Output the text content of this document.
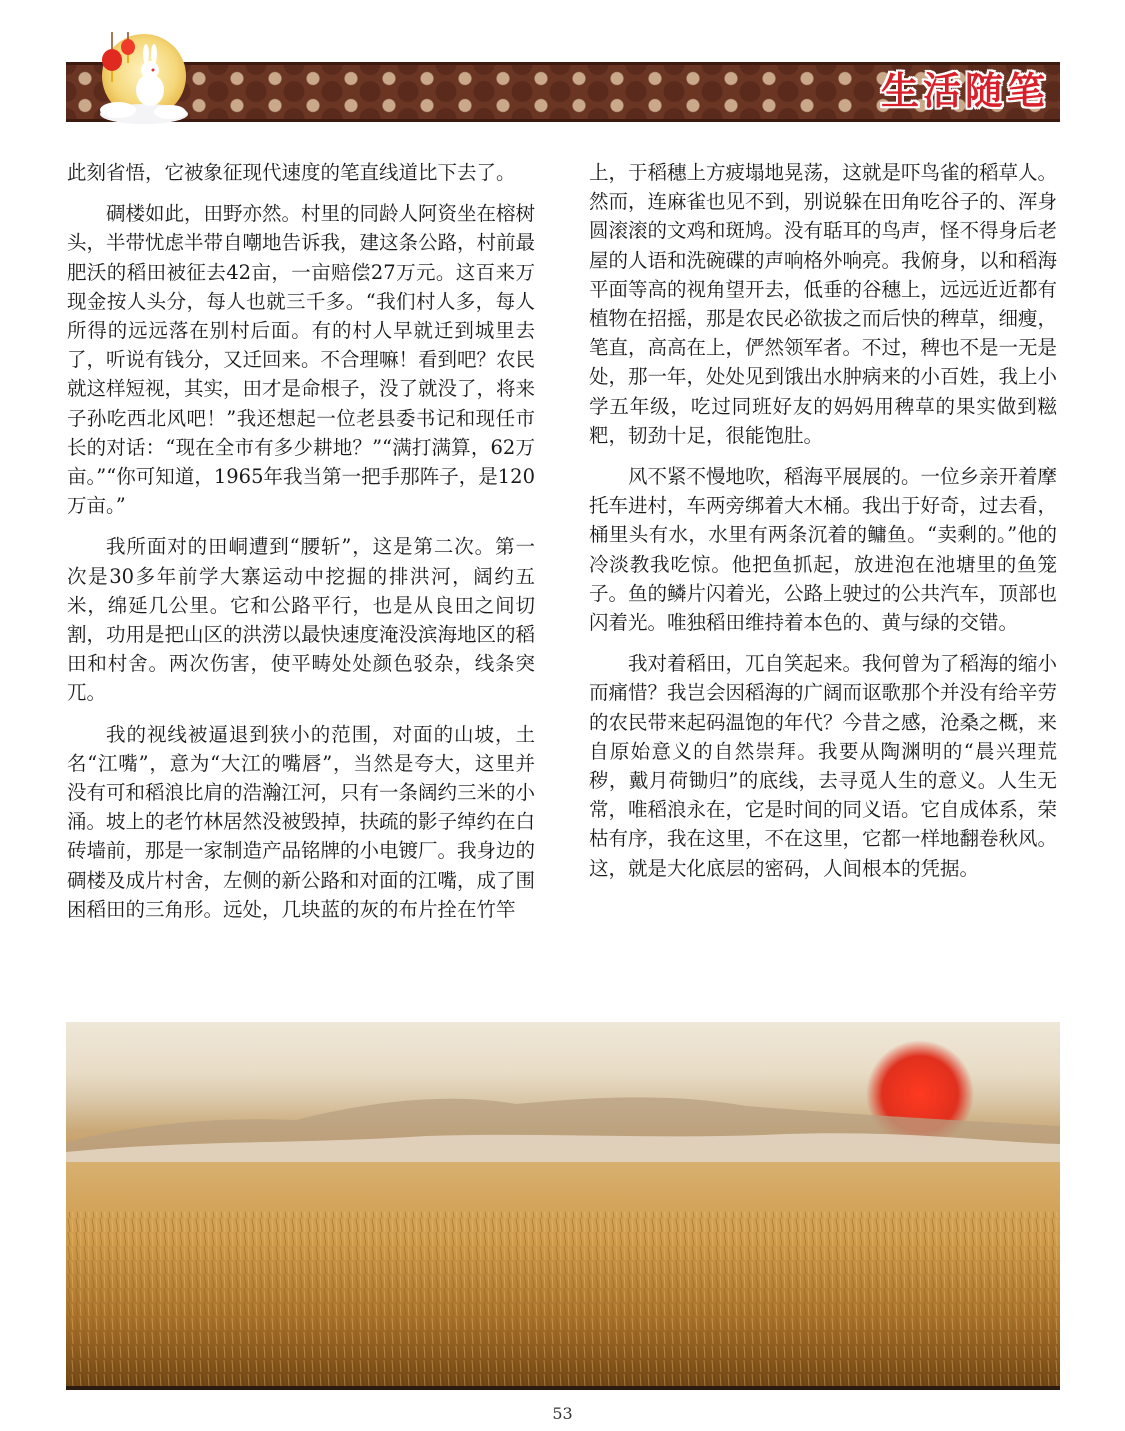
生活随笔

此刻省悟，它被象征现代速度的笔直线道比下去了。

碉楼如此，田野亦然。村里的同龄人阿资坐在榕树头，半带忧虑半带自嘲地告诉我，建这条公路，村前最肥沃的稻田被征去42亩，一亩赔偿27万元。这百来万现金按人头分，每人也就三千多。“我们村人多，每人所得的远远落在别村后面。有的村人早就迁到城里去了，听说有钱分，又迁回来。不合理嘛！看到吧？农民就这样短视，其实，田才是命根子，没了就没了，将来子孙吃西北风吧！”我还想起一位老县委书记和现任市长的对话：“现在全市有多少耕地？”“满打满算，62万亩。”“你可知道，1965年我当第一把手那阵子，是120万亩。”

我所面对的田峒遭到“腰斩”，这是第二次。第一次是30多年前学大寨运动中挖掘的排洪河，阔约五米，绵延几公里。它和公路平行，也是从良田之间切割，功用是把山区的洪涝以最快速度淹没滨海地区的稻田和村舍。两次伤害，使平畴处处颜色驳杂，线条突兀。

我的视线被逼退到狭小的范围，对面的山坡，土名“江嘴”，意为“大江的嘴唇”，当然是夸大，这里并没有可和稻浪比肩的浩瀚江河，只有一条阔约三米的小涌。坡上的老竹林居然没被毁掉，扶疏的影子绰约在白砖墙前，那是一家制造产品铭牌的小电镀厂。我身边的碉楼及成片村舍，左侧的新公路和对面的江嘴，成了围困稻田的三角形。远处，几块蓝的灰的布片拴在竹竿

上，于稻穗上方疲塌地晃荡，这就是吓鸟雀的稻草人。然而，连麻雀也见不到，别说躲在田角吃谷子的、浑身圆滚滚的文鸡和斑鸠。没有聒耳的鸟声，怪不得身后老屋的人语和洗碗碟的声响格外响亮。我俯身，以和稻海平面等高的视角望开去，低垂的谷穗上，远远近近都有植物在招摇，那是农民必欲拔之而后快的稗草，细瘦，笔直，高高在上，俨然领军者。不过，稗也不是一无是处，那一年，处处见到饿出水肿病来的小百姓，我上小学五年级，吃过同班好友的妈妈用稗草的果实做到糍粑，韧劲十足，很能饱肚。

风不紧不慢地吹，稻海平展展的。一位乡亲开着摩托车进村，车两旁绑着大木桶。我出于好奇，过去看，桶里头有水，水里有两条沉着的鳙鱼。“卖剩的。”他的冷淡教我吃惊。他把鱼抓起，放进泡在池塘里的鱼笼子。鱼的鳞片闪着光，公路上驶过的公共汽车，顶部也闪着光。唯独稻田维持着本色的、黄与绿的交错。

我对着稻田，兀自笑起来。我何曾为了稻海的缩小而痛惜？我岂会因稻海的广阔而讴歌那个并没有给辛劳的农民带来起码温饱的年代？今昔之感，沧桑之概，来自原始意义的自然崇拜。我要从陶渊明的“晨兴理荒秽，戴月荷锄归”的底线，去寻觅人生的意义。人生无常，唯稻浪永在，它是时间的同义语。它自成体系，荣枯有序，我在这里，不在这里，它都一样地翻卷秋风。这，就是大化底层的密码，人间根本的凭据。

53
